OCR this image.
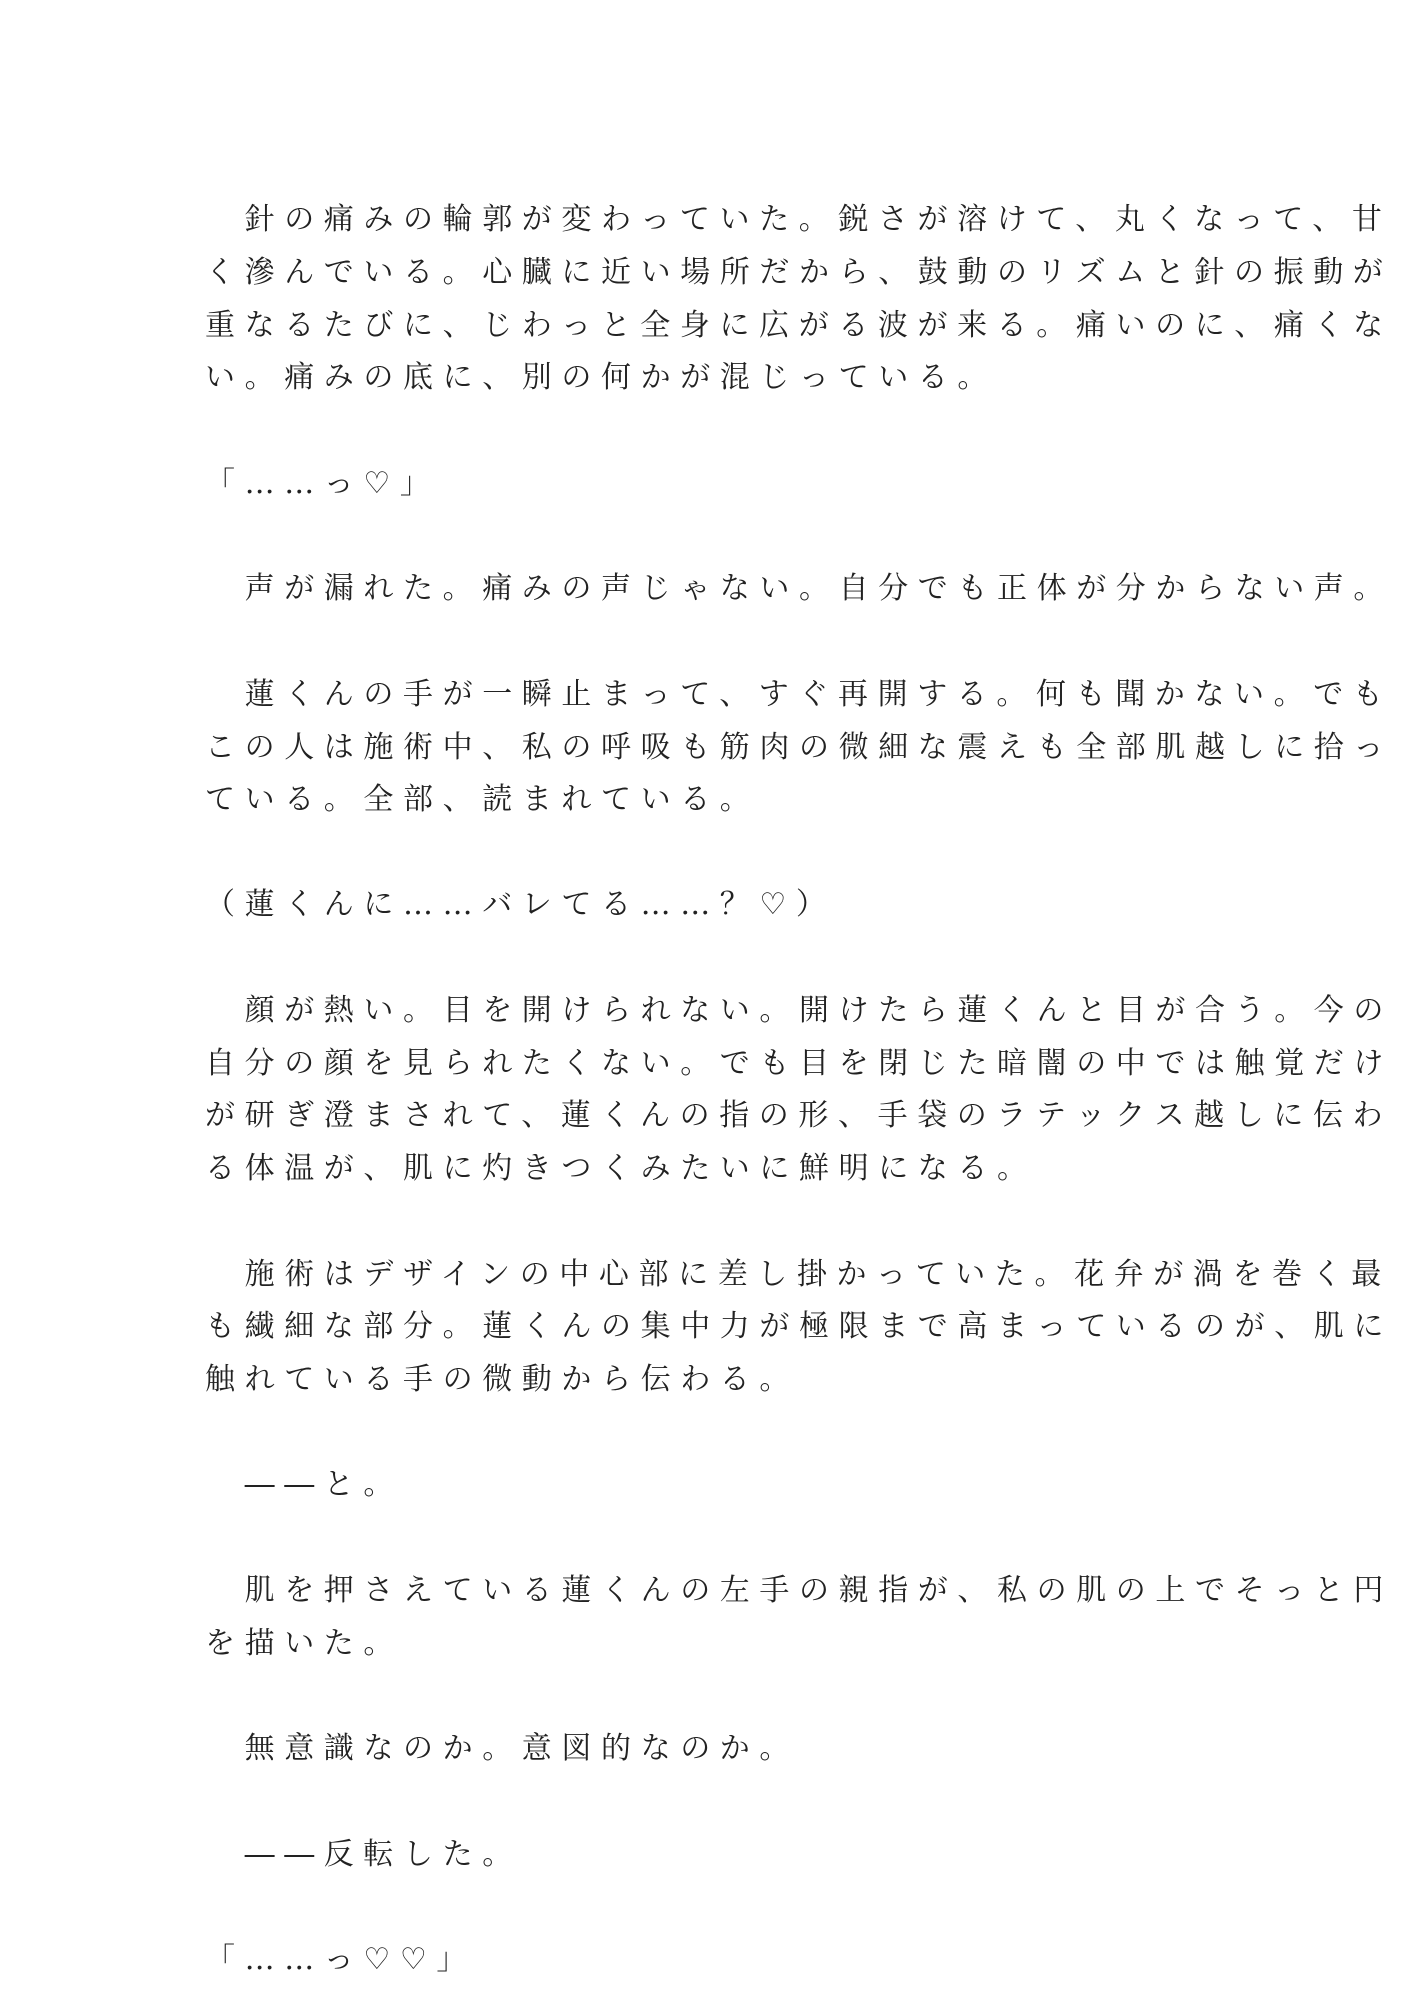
　針の痛みの輪郭が変わっていた。鋭さが溶けて、丸くなって、甘

く滲んでいる。心臓に近い場所だから、鼓動のリズムと針の振動が

重なるたびに、じわっと全身に広がる波が来る。痛いのに、痛くな

い。痛みの底に、別の何かが混じっている。

「……っ♡」

　声が漏れた。痛みの声じゃない。自分でも正体が分からない声。

　蓮くんの手が一瞬止まって、すぐ再開する。何も聞かない。でも

この人は施術中、私の呼吸も筋肉の微細な震えも全部肌越しに拾っ

ている。全部、読まれている。

（蓮くんに……バレてる……？♡）

　顔が熱い。目を開けられない。開けたら蓮くんと目が合う。今の

自分の顔を見られたくない。でも目を閉じた暗闇の中では触覚だけ

が研ぎ澄まされて、蓮くんの指の形、手袋のラテックス越しに伝わ

る体温が、肌に灼きつくみたいに鮮明になる。

　施術はデザインの中心部に差し掛かっていた。花弁が渦を巻く最

も繊細な部分。蓮くんの集中力が極限まで高まっているのが、肌に

触れている手の微動から伝わる。

　――と。

　肌を押さえている蓮くんの左手の親指が、私の肌の上でそっと円

を描いた。

　無意識なのか。意図的なのか。

　――反転した。

「……っ♡♡」
